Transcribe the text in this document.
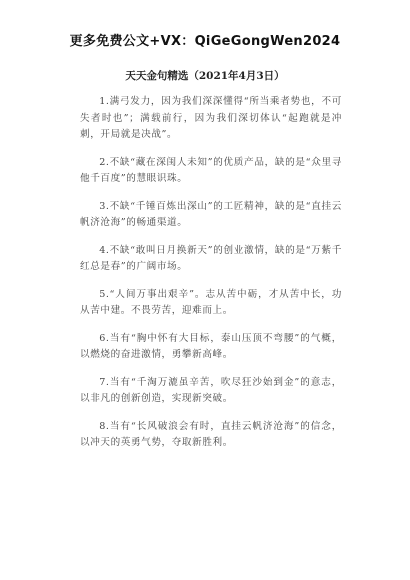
更多免费公文+VX：QiGeGongWen2024
天天金句精选（2021年4月3日）

1.满弓发力，因为我们深深懂得“所当乘者势也，不可失者时也”；满载前行，因为我们深切体认“起跑就是冲刺，开局就是决战”。

2.不缺“藏在深闺人未知”的优质产品，缺的是“众里寻他千百度”的慧眼识珠。

3.不缺“千锤百炼出深山”的工匠精神，缺的是“直挂云帆济沧海”的畅通渠道。

4.不缺“敢叫日月换新天”的创业激情，缺的是“万紫千红总是春”的广阔市场。

5.“人间万事出艰辛”。志从苦中砺，才从苦中长，功从苦中建。不畏劳苦，迎难而上。

6.当有“胸中怀有大目标，泰山压顶不弯腰”的气概，以燃烧的奋进激情，勇攀新高峰。

7.当有“千淘万漉虽辛苦，吹尽狂沙始到金”的意志，以非凡的创新创造，实现新突破。

8.当有“长风破浪会有时，直挂云帆济沧海”的信念，以冲天的英勇气势，夺取新胜利。
